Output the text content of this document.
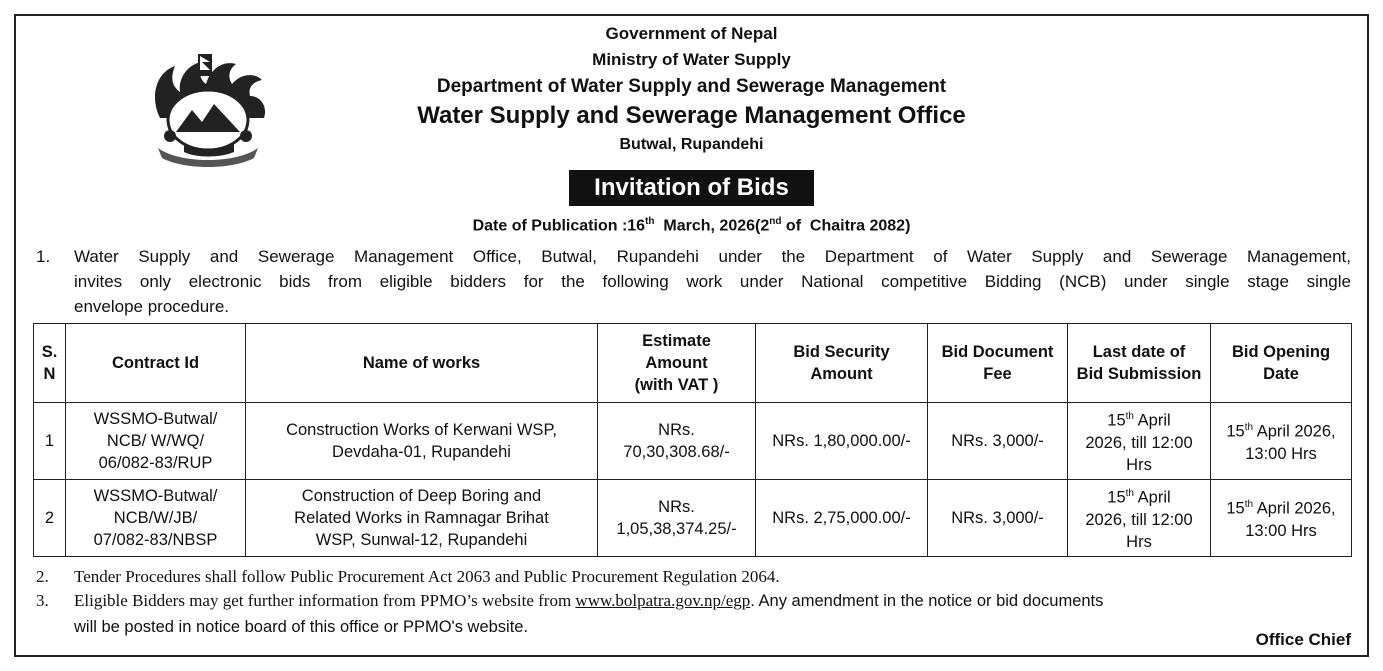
Government of Nepal
Ministry of Water Supply
Department of Water Supply and Sewerage Management
Water Supply and Sewerage Management Office
Butwal, Rupandehi
Invitation of Bids
Date of Publication :16th  March, 2026(2nd of  Chaitra 2082)
1. Water Supply and Sewerage Management Office, Butwal, Rupandehi under the Department of Water Supply and Sewerage Management,
invites only electronic bids from eligible bidders for the following work under National competitive Bidding (NCB) under single stage single
envelope procedure.
S.
N	Contract Id	Name of works	Estimate
Amount
(with VAT )	Bid Security
Amount	Bid Document
Fee	Last date of
Bid Submission	Bid Opening
Date
1	WSSMO-Butwal/
NCB/ W/WQ/
06/082-83/RUP	Construction Works of Kerwani WSP,
Devdaha-01, Rupandehi	NRs.
70,30,308.68/-	NRs. 1,80,000.00/-	NRs. 3,000/-	15th April
2026, till 12:00
Hrs	15th April 2026,
13:00 Hrs
2	WSSMO-Butwal/
NCB/W/JB/
07/082-83/NBSP	Construction of Deep Boring and
Related Works in Ramnagar Brihat
WSP, Sunwal-12, Rupandehi	NRs.
1,05,38,374.25/-	NRs. 2,75,000.00/-	NRs. 3,000/-	15th April
2026, till 12:00
Hrs	15th April 2026,
13:00 Hrs
2. Tender Procedures shall follow Public Procurement Act 2063 and Public Procurement Regulation 2064.
3. Eligible Bidders may get further information from PPMO’s website from www.bolpatra.gov.np/egp. Any amendment in the notice or bid documents
will be posted in notice board of this office or PPMO's website.
Office Chief
